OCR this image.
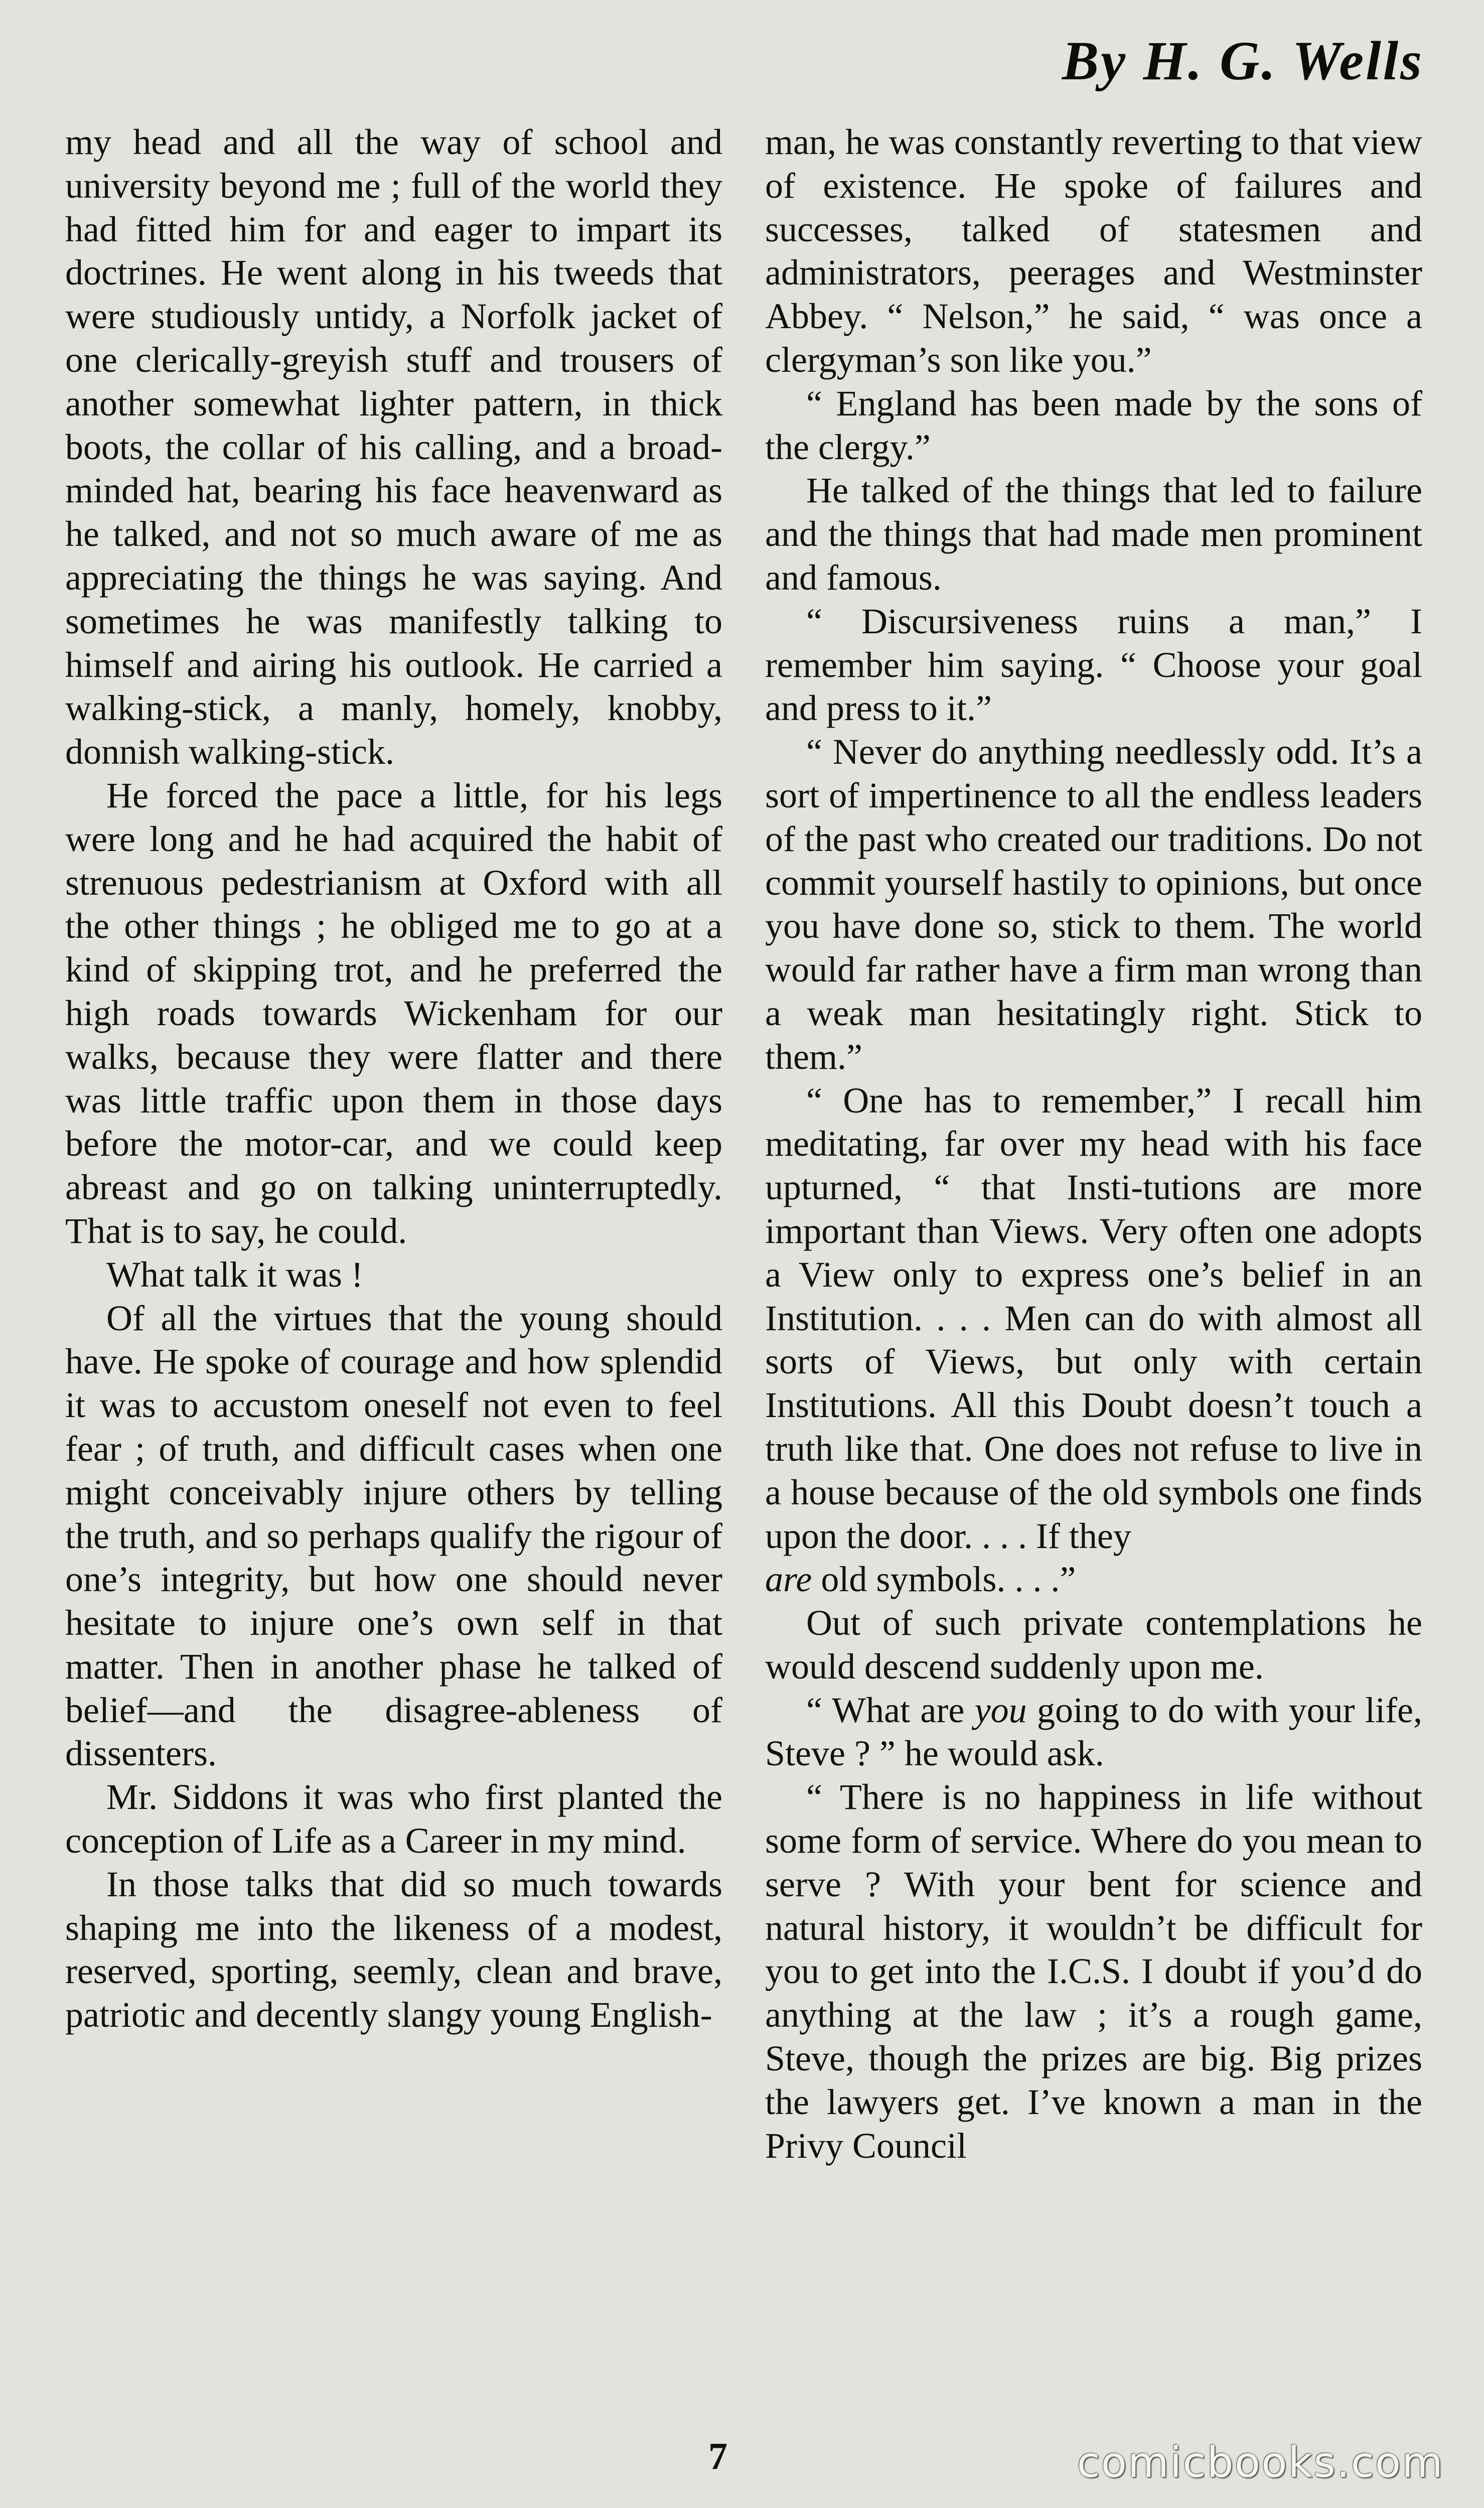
By H. G. Wells

my head and all the way of school and university beyond me ; full of the world they had fitted him for and eager to impart its doctrines. He went along in his tweeds that were studiously untidy, a Norfolk jacket of one clerically-greyish stuff and trousers of another somewhat lighter pattern, in thick boots, the collar of his calling, and a broad-minded hat, bearing his face heavenward as he talked, and not so much aware of me as appreciating the things he was saying. And sometimes he was manifestly talking to himself and airing his outlook. He carried a walking-stick, a manly, homely, knobby, donnish walking-stick.

He forced the pace a little, for his legs were long and he had acquired the habit of strenuous pedestrianism at Oxford with all the other things ; he obliged me to go at a kind of skipping trot, and he preferred the high roads towards Wickenham for our walks, because they were flatter and there was little traffic upon them in those days before the motor-car, and we could keep abreast and go on talking uninterruptedly. That is to say, he could.

What talk it was !

Of all the virtues that the young should have. He spoke of courage and how splendid it was to accustom oneself not even to feel fear ; of truth, and difficult cases when one might conceivably injure others by telling the truth, and so perhaps qualify the rigour of one’s integrity, but how one should never hesitate to injure one’s own self in that matter. Then in another phase he talked of belief—and the disagree-ableness of dissenters.

Mr. Siddons it was who first planted the conception of Life as a Career in my mind.

In those talks that did so much towards shaping me into the likeness of a modest, reserved, sporting, seemly, clean and brave, patriotic and decently slangy young English-

man, he was constantly reverting to that view of existence. He spoke of failures and successes, talked of statesmen and administrators, peerages and Westminster Abbey. “ Nelson,” he said, “ was once a clergyman’s son like you.”

“ England has been made by the sons of the clergy.”

He talked of the things that led to failure and the things that had made men prominent and famous.

“ Discursiveness ruins a man,” I remember him saying. “ Choose your goal and press to it.”

“ Never do anything needlessly odd. It’s a sort of impertinence to all the endless leaders of the past who created our traditions. Do not commit yourself hastily to opinions, but once you have done so, stick to them. The world would far rather have a firm man wrong than a weak man hesitatingly right. Stick to them.”

“ One has to remember,” I recall him meditating, far over my head with his face upturned, “ that Insti-tutions are more important than Views. Very often one adopts a View only to express one’s belief in an Institution. . . . Men can do with almost all sorts of Views, but only with certain Institutions. All this Doubt doesn’t touch a truth like that. One does not refuse to live in a house because of the old symbols one finds upon the door. . . . If they
are old symbols. . . .”

Out of such private contemplations he would descend suddenly upon me.

“ What are you going to do with your life, Steve ? ” he would ask.

“ There is no happiness in life without some form of service. Where do you mean to serve ? With your bent for science and natural history, it wouldn’t be difficult for you to get into the I.C.S. I doubt if you’d do anything at the law ; it’s a rough game, Steve, though the prizes are big. Big prizes the lawyers get. I’ve known a man in the Privy Council

7	comicbooks.com
